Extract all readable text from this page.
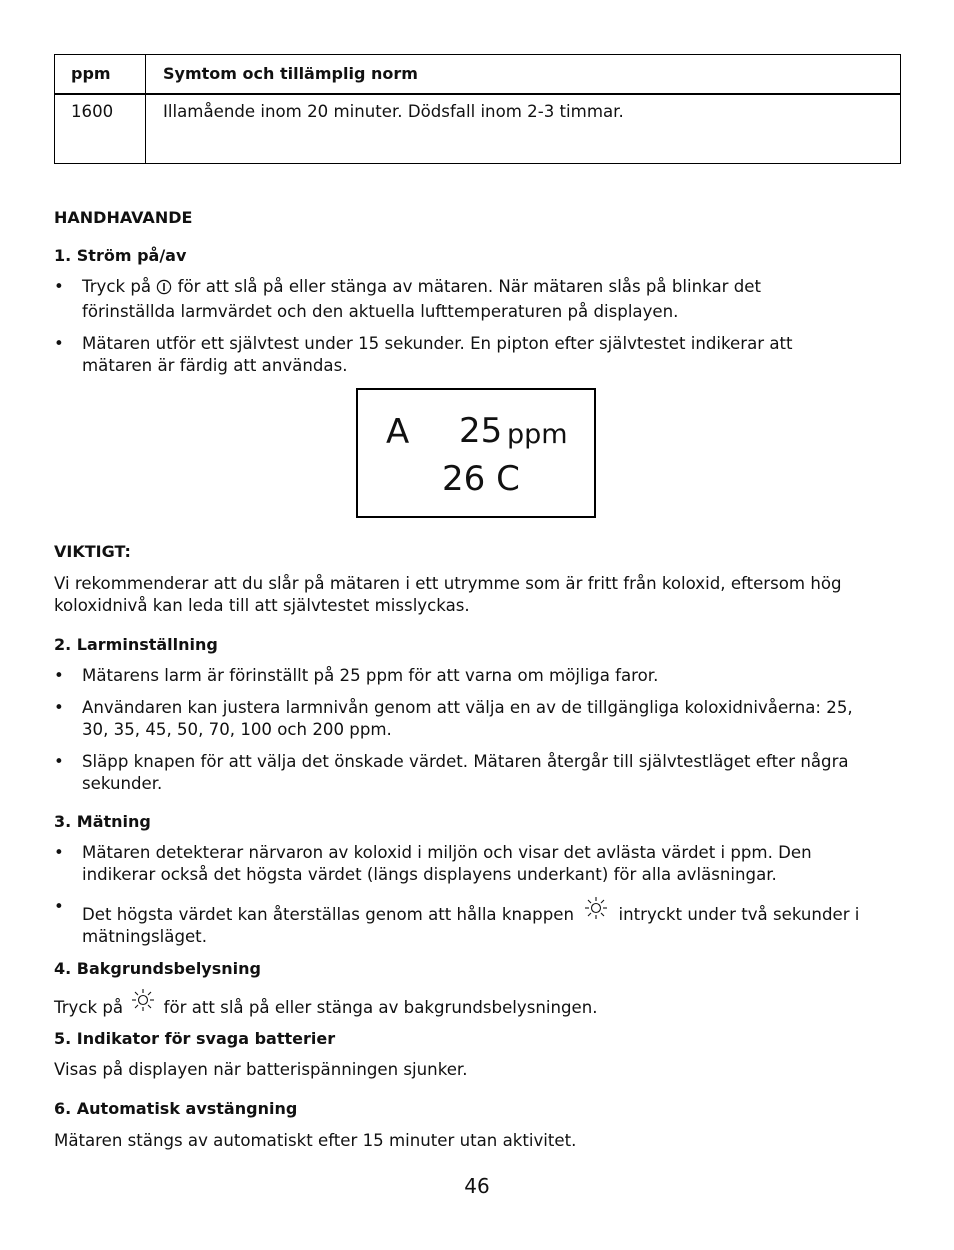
ppm	Symtom och tillämplig norm
1600	Illamående inom 20 minuter. Dödsfall inom 2-3 timmar.

HANDHAVANDE

1. Ström på/av

• Tryck på för att slå på eller stänga av mätaren. När mätaren slås på blinkar det förinställda larmvärdet och den aktuella lufttemperaturen på displayen.
• Mätaren utför ett självtest under 15 sekunder. En pipton efter självtestet indikerar att mätaren är färdig att användas.
A 25 ppm
26 C

VIKTIGT:

Vi rekommenderar att du slår på mätaren i ett utrymme som är fritt från koloxid, eftersom hög koloxidnivå kan leda till att självtestet misslyckas.

2. Larminställning

• Mätarens larm är förinställt på 25 ppm för att varna om möjliga faror.
• Användaren kan justera larmnivån genom att välja en av de tillgängliga koloxidnivåerna: 25, 30, 35, 45, 50, 70, 100 och 200 ppm.
• Släpp knapen för att välja det önskade värdet. Mätaren återgår till självtestläget efter några sekunder.

3. Mätning

• Mätaren detekterar närvaron av koloxid i miljön och visar det avlästa värdet i ppm. Den indikerar också det högsta värdet (längs displayens underkant) för alla avläsningar.
• Det högsta värdet kan återställas genom att hålla knappen	intryckt under två sekunder i mätningsläget.

4. Bakgrundsbelysning

Tryck på för att slå på eller stänga av bakgrundsbelysningen.

5. Indikator för svaga batterier

Visas på displayen när batterispänningen sjunker.

6. Automatisk avstängning

Mätaren stängs av automatiskt efter 15 minuter utan aktivitet.

46
